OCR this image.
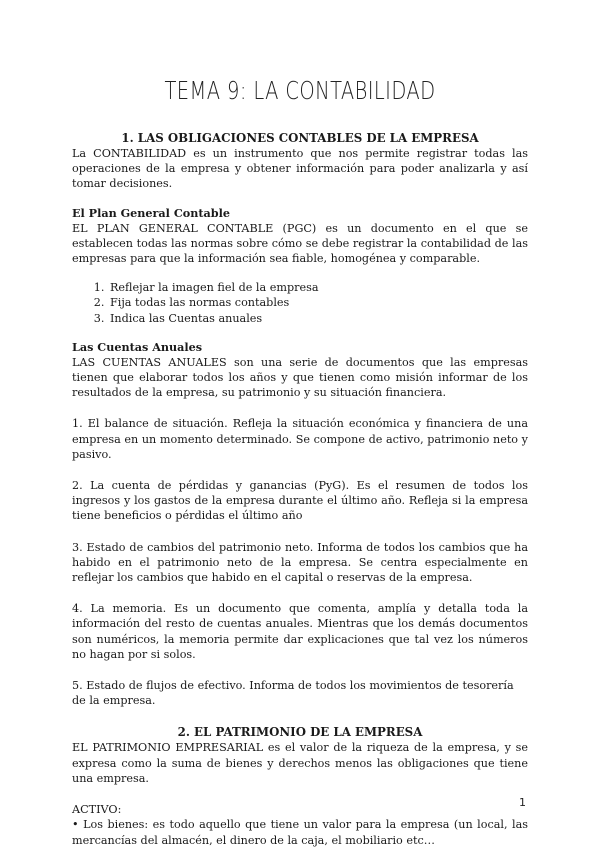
TEMA 9: LA CONTABILIDAD
1. LAS OBLIGACIONES CONTABLES DE LA EMPRESA

La CONTABILIDAD es un instrumento que nos permite registrar todas las operaciones de la empresa y obtener información para poder analizarla y así tomar decisiones.

El Plan General Contable

EL PLAN GENERAL CONTABLE (PGC) es un documento en el que se establecen todas las normas sobre cómo se debe registrar la contabilidad de las empresas para que la información sea fiable, homogénea y comparable.

1. Reflejar la imagen fiel de la empresa
2. Fija todas las normas contables
3. Indica las Cuentas anuales
Las Cuentas Anuales

LAS CUENTAS ANUALES son una serie de documentos que las empresas tienen que elaborar todos los años y que tienen como misión informar de los resultados de la empresa, su patrimonio y su situación financiera.

1. El balance de situación. Refleja la situación económica y financiera de una empresa en un momento determinado. Se compone de activo, patrimonio neto y pasivo.

2. La cuenta de pérdidas y ganancias (PyG). Es el resumen de todos los ingresos y los gastos de la empresa durante el último año. Refleja si la empresa tiene beneficios o pérdidas el último año

3. Estado de cambios del patrimonio neto. Informa de todos los cambios que ha habido en el patrimonio neto de la empresa. Se centra especialmente en reflejar los cambios que habido en el capital o reservas de la empresa.

4. La memoria. Es un documento que comenta, amplía y detalla toda la información del resto de cuentas anuales. Mientras que los demás documentos son numéricos, la memoria permite dar explicaciones que tal vez los números no hagan por si solos.

5. Estado de flujos de efectivo. Informa de todos los movimientos de tesorería

de la empresa.

2. EL PATRIMONIO DE LA EMPRESA

EL PATRIMONIO EMPRESARIAL es el valor de la riqueza de la empresa, y se expresa como la suma de bienes y derechos menos las obligaciones que tiene una empresa.

ACTIVO:

• Los bienes: es todo aquello que tiene un valor para la empresa (un local, las mercancías del almacén, el dinero de la caja, el mobiliario etc…

1
